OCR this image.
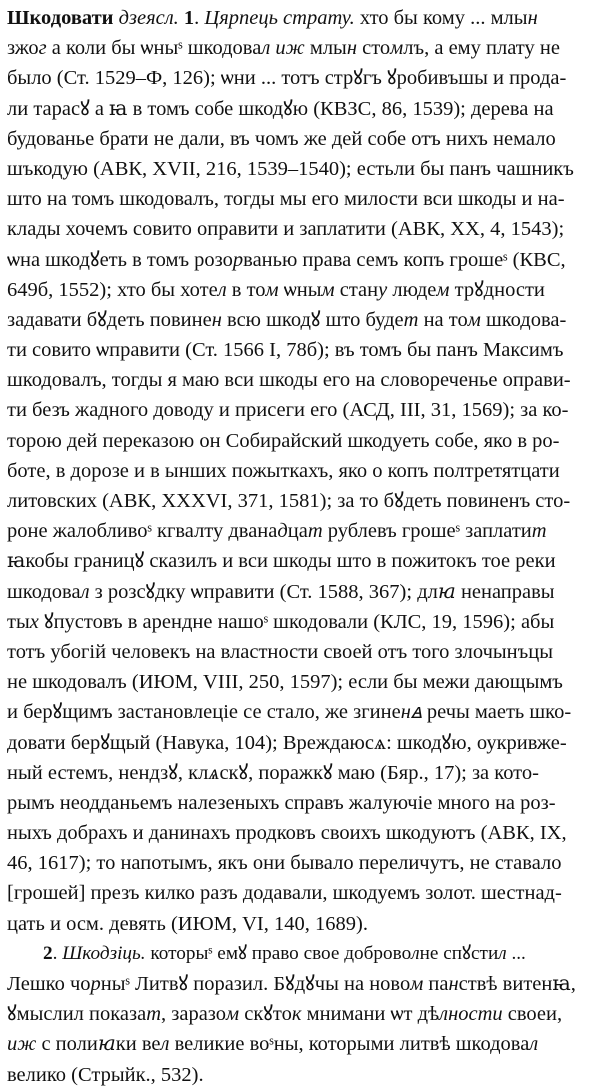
Шкодовати дзеясл. 1. Цярпець страту. хто бы кому ... млын
зжог а коли бы ѡныˢ шкодовал иж млын стомлъ, а ему плату не
было (Ст. 1529–Ф, 126); ѡни ... тотъ стрꙋгъ ꙋробивъшы и прода-
ли тарасꙋ а ꙗ в томъ собе шкодꙋю (КВЗС, 86, 1539); дерева на
будованье брати не дали, въ чомъ же дей собе отъ нихъ немало
шъкодую (АВК, XVII, 216, 1539–1540); естьли бы панъ чашникъ
што на томъ шкодовалъ, тогды мы его милости вси шкоды и на-
клады хочемъ совито оправити и заплатити (АВК, XX, 4, 1543);
ѡна шкодꙋеть в томъ розорванью права семъ копъ грошеˢ (КВС,
649б, 1552); хто бы хотел в том ѡным стану людем трꙋдности
задавати бꙋдеть повинен всю шкодꙋ што будет на том шкодова-
ти совито ѡправити (Ст. 1566 I, 78б); въ томъ бы панъ Максимъ
шкодовалъ, тогды я маю вси шкоды его на словореченье оправи-
ти безъ жадного доводу и присеги его (АСД, III, 31, 1569); за ко-
торою дей переказою он Собирайский шкодуеть собе, яко в ро-
боте, в дорозе и в ынших пожыткахъ, яко о копъ полтретятцати
литовских (АВК, XXXVI, 371, 1581); за то бꙋдеть повиненъ сто-
роне жалобливоˢ кгвалту дванадцат рублевъ грошеˢ заплатит
ꙗкобы границꙋ сказилъ и вси шкоды што в пожитокъ тое реки
шкодовал з розсꙋдку ѡправити (Ст. 1588, 367); длꙗ ненаправы
тых ꙋпустовъ в арендне нашоˢ шкодовали (КЛС, 19, 1596); абы
тотъ убогій человекъ на властности своей отъ того злочынъцы
не шкодовалъ (ИЮМ, VIII, 250, 1597); если бы межи дающымъ
и берꙋщимъ застановлеціе се стало, же згиненꙙ речы маеть шко-
довати берꙋщый (Навука, 104); Вреждаюсѧ: шкодꙋю, оукривже-
ный естемъ, нендзꙋ, клѧскꙋ, поражкꙋ маю (Бяр., 17); за кото-
рымъ неодданьемъ налезеныхъ справъ жалуючіе много на роз-
ныхъ добрахъ и данинахъ продковъ своихъ шкодуютъ (АВК, IX,
46, 1617); то напотымъ, якъ они бывало переличутъ, не ставало
[грошей] презъ килко разъ додавали, шкодуемъ золот. шестнад-
цать и осм. девять (ИЮМ, VI, 140, 1689).
2. Шкодзіць. которыˢ емꙋ право свое доброволне спꙋстил ...
Лешко чорныˢ Литвꙋ поразил. Бꙋдꙋчы на новом панствѣ витенꙗ,
ꙋмыслил показат, заразом скꙋток мнимани ѡт дѣлности своеи,
иж с полиꙗки вел великие воˢны, которыми литвѣ шкодовал
велико (Стрыйк., 532).
